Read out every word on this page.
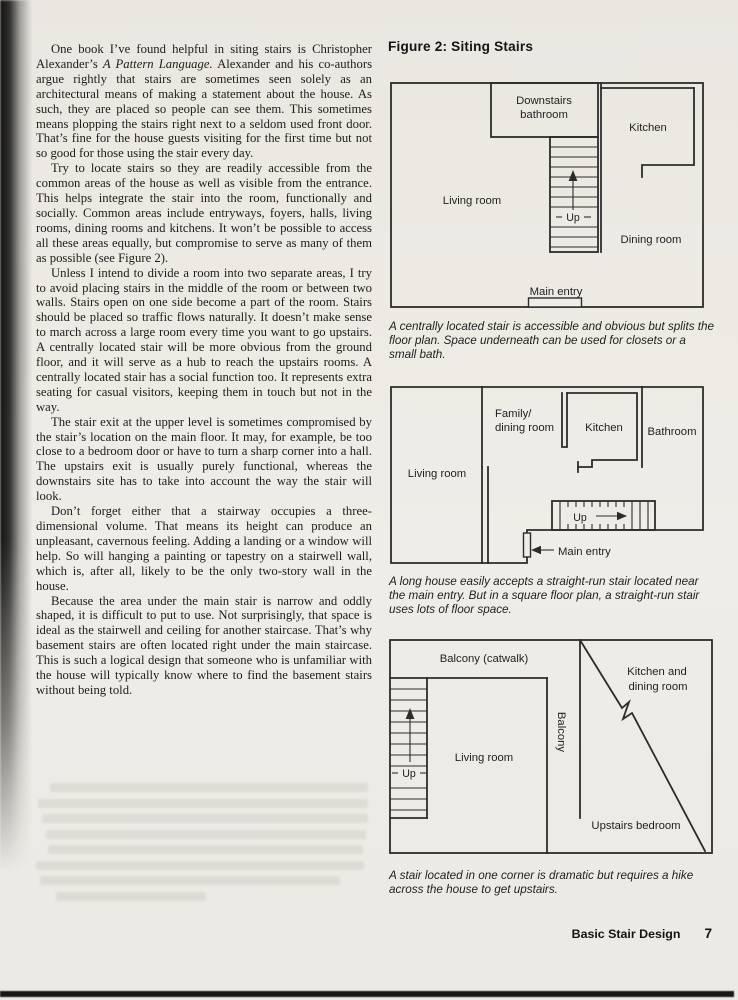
One book I’ve found helpful in siting stairs is Christopher Alexander’s A Pattern Language. Alexander and his co-authors argue rightly that stairs are sometimes seen solely as an architectural means of making a statement about the house. As such, they are placed so people can see them. This sometimes means plopping the stairs right next to a seldom used front door. That’s fine for the house guests visiting for the first time but not so good for those using the stair every day.

Try to locate stairs so they are readily accessible from the common areas of the house as well as visible from the entrance. This helps integrate the stair into the room, functionally and socially. Common areas include entryways, foyers, halls, living rooms, dining rooms and kitchens. It won’t be possible to access all these areas equally, but compromise to serve as many of them as possible (see Figure 2).

Unless I intend to divide a room into two separate areas, I try to avoid placing stairs in the middle of the room or between two walls. Stairs open on one side become a part of the room. Stairs should be placed so traffic flows naturally. It doesn’t make sense to march across a large room every time you want to go upstairs. A centrally located stair will be more obvious from the ground floor, and it will serve as a hub to reach the upstairs rooms. A centrally located stair has a social function too. It represents extra seating for casual visitors, keeping them in touch but not in the way.

The stair exit at the upper level is sometimes compromised by the stair’s location on the main floor. It may, for example, be too close to a bedroom door or have to turn a sharp corner into a hall. The upstairs exit is usually purely functional, whereas the downstairs site has to take into account the way the stair will look.

Don’t forget either that a stairway occupies a three-dimensional volume. That means its height can produce an unpleasant, cavernous feeling. Adding a landing or a window will help. So will hanging a painting or tapestry on a stairwell wall, which is, after all, likely to be the only two-story wall in the house.

Because the area under the main stair is narrow and oddly shaped, it is difficult to put to use. Not surprisingly, that space is ideal as the stairwell and ceiling for another staircase. That’s why basement stairs are often located right under the main staircase. This is such a logical design that someone who is unfamiliar with the house will typically know where to find the basement stairs without being told.

Figure 2: Siting Stairs
Downstairs
bathroom
Kitchen
Living room
Dining room
Up
Main entry
A centrally located stair is accessible and obvious but splits the floor plan. Space underneath can be used for closets or a small bath.
Family/
dining room	Kitchen Bathroom
Living room
Up
Main entry
A long house easily accepts a straight-run stair located near the main entry. But in a square floor plan, a straight-run stair uses lots of floor space.
Balcony (catwalk)
Kitchen and
dining room
Balcony
Living room
Up
Upstairs bedroom
A stair located in one corner is dramatic but requires a hike across the house to get upstairs.
Basic Stair Design 7
